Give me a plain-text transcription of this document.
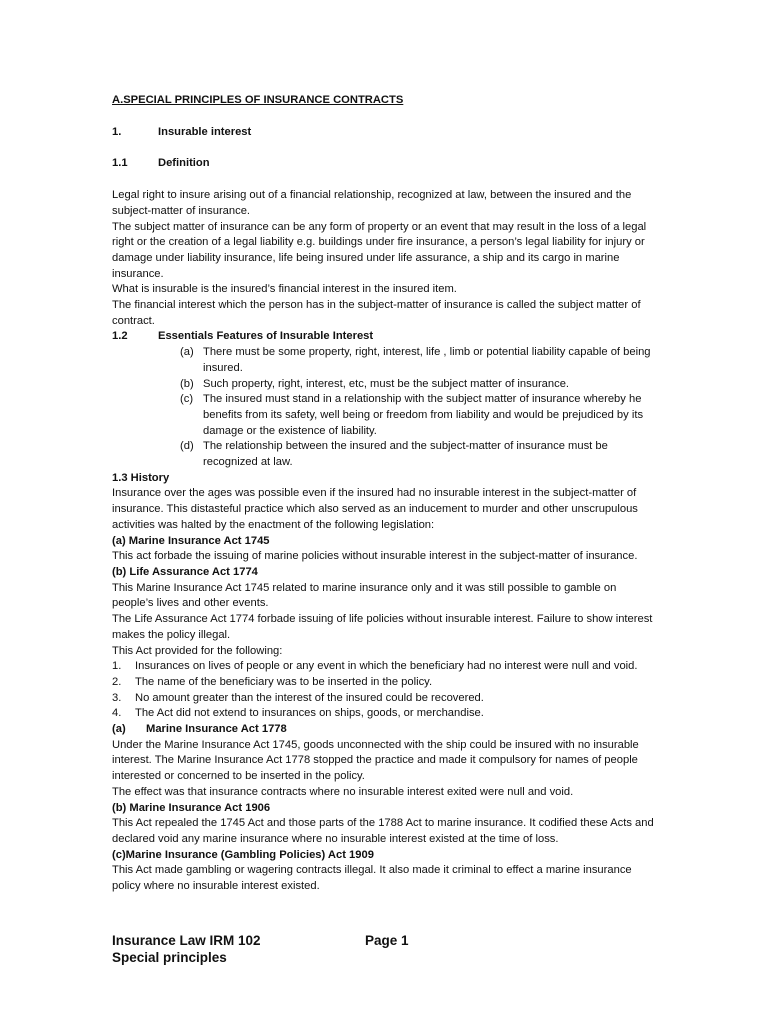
A.SPECIAL PRINCIPLES OF INSURANCE CONTRACTS

1.	Insurable interest

1.1	Definition

Legal right to insure arising out of a financial relationship, recognized at law, between the insured and the subject-matter of insurance.

The subject matter of insurance can be any form of property or an event that may result in the loss of a legal right or the creation of a legal liability e.g. buildings under fire insurance, a person’s legal liability for injury or damage under liability insurance, life being insured under life assurance, a ship and its cargo in marine insurance.

What is insurable is the insured’s financial interest in the insured item.

The financial interest which the person has in the subject-matter of insurance is called the subject matter of contract.

1.2	Essentials Features of Insurable Interest

(a) There must be some property, right, interest, life , limb or potential liability capable of being insured.

(b) Such property, right, interest, etc, must be the subject matter of insurance.

(c) The insured must stand in a relationship with the subject matter of insurance whereby he benefits from its safety, well being or freedom from liability and would be prejudiced by its damage or the existence of liability.

(d) The relationship between the insured and the subject-matter of insurance must be recognized at law.

1.3 History

Insurance over the ages was possible even if the insured had no insurable interest in the subject-matter of insurance. This distasteful practice which also served as an inducement to murder and other unscrupulous activities was halted by the enactment of the following legislation:

(a) Marine Insurance Act 1745

This act forbade the issuing of marine policies without insurable interest in the subject-matter of insurance.

(b) Life Assurance Act 1774

This Marine Insurance Act 1745 related to marine insurance only and it was still possible to gamble on people’s lives and other events.

The Life Assurance Act 1774 forbade issuing of life policies without insurable interest. Failure to show interest makes the policy illegal.

This Act provided for the following:

1. Insurances on lives of people or any event in which the beneficiary had no interest were null and void.

2. The name of the beneficiary was to be inserted in the policy.

3. No amount greater than the interest of the insured could be recovered.

4. The Act did not extend to insurances on ships, goods, or merchandise.

(a) Marine Insurance Act 1778

Under the Marine Insurance Act 1745, goods unconnected with the ship could be insured with no insurable interest. The Marine Insurance Act 1778 stopped the practice and made it compulsory for names of people interested or concerned to be inserted in the policy.

The effect was that insurance contracts where no insurable interest exited were null and void.

(b) Marine Insurance Act 1906

This Act repealed the 1745 Act and those parts of the 1788 Act to marine insurance. It codified these Acts and declared void any marine insurance where no insurable interest existed at the time of loss.

(c)Marine Insurance (Gambling Policies) Act 1909

This Act made gambling or wagering contracts illegal. It also made it criminal to effect a marine insurance policy where no insurable interest existed.

Insurance Law IRM 102	Page 1
Special principles
